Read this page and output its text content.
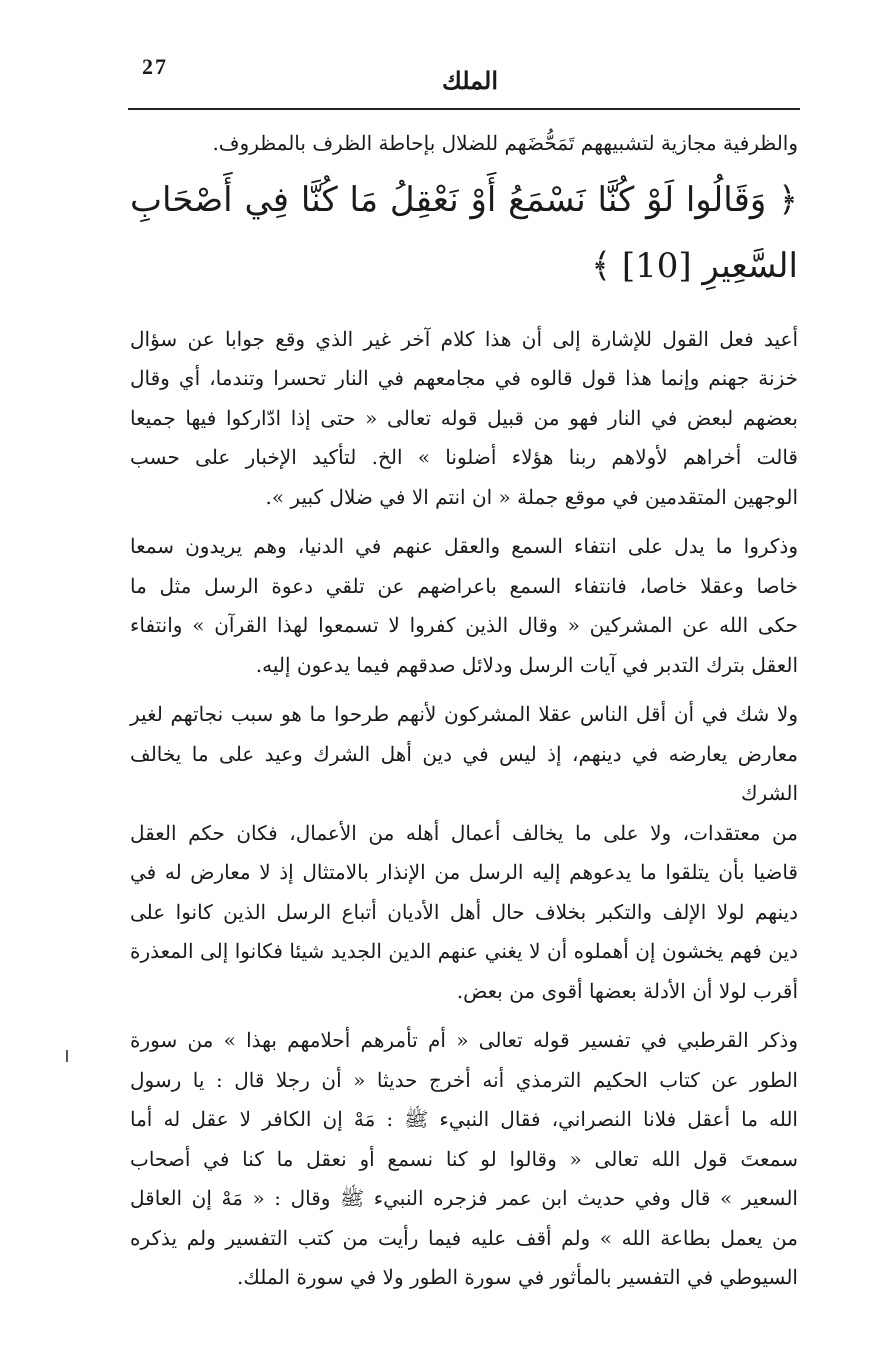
27	الملك
والظرفية مجازية لتشبيههم تَمَحُّضَهم للضلال بإحاطة الظرف بالمظروف.
﴿ وَقَالُوا لَوْ كُنَّا نَسْمَعُ أَوْ نَعْقِلُ مَا كُنَّا فِي أَصْحَابِ
السَّعِيرِ [10] ﴾
أعيد فعل القول للإشارة إلى أن هذا كلام آخر غير الذي وقع جوابا عن سؤال
خزنة جهنم وإنما هذا قول قالوه في مجامعهم في النار تحسرا وتندما، أي وقال
بعضهم لبعض في النار فهو من قبيل قوله تعالى « حتى إذا ادّاركوا فيها جميعا
قالت أخراهم لأولاهم ربنا هؤلاء أضلونا » الخ. لتأكيد الإخبار على حسب
الوجهين المتقدمين في موقع جملة « ان انتم الا في ضلال كبير ».
وذكروا ما يدل على انتفاء السمع والعقل عنهم في الدنيا، وهم يريدون سمعا
خاصا وعقلا خاصا، فانتفاء السمع باعراضهم عن تلقي دعوة الرسل مثل ما
حكى الله عن المشركين « وقال الذين كفروا لا تسمعوا لهذا القرآن » وانتفاء
العقل بترك التدبر في آيات الرسل ودلائل صدقهم فيما يدعون إليه.
ولا شك في أن أقل الناس عقلا المشركون لأنهم طرحوا ما هو سبب نجاتهم لغير
معارض يعارضه في دينهم، إذ ليس في دين أهل الشرك وعيد على ما يخالف الشرك
من معتقدات، ولا على ما يخالف أعمال أهله من الأعمال، فكان حكم العقل
قاضيا بأن يتلقوا ما يدعوهم إليه الرسل من الإنذار بالامتثال إذ لا معارض له في
دينهم لولا الإلف والتكبر بخلاف حال أهل الأديان أتباع الرسل الذين كانوا على
دين فهم يخشون إن أهملوه أن لا يغني عنهم الدين الجديد شيئا فكانوا إلى المعذرة
أقرب لولا أن الأدلة بعضها أقوى من بعض.
وذكر القرطبي في تفسير قوله تعالى « أم تأمرهم أحلامهم بهذا » من سورة
الطور عن كتاب الحكيم الترمذي أنه أخرج حديثا « أن رجلا قال : يا رسول
الله ما أعقل فلانا النصراني، فقال النبيء ﷺ : مَهْ إن الكافر لا عقل له أما
سمعتَ قول الله تعالى « وقالوا لو كنا نسمع أو نعقل ما كنا في أصحاب
السعير » قال وفي حديث ابن عمر فزجره النبيء ﷺ وقال : « مَهْ إن العاقل
من يعمل بطاعة الله » ولم أقف عليه فيما رأيت من كتب التفسير ولم يذكره
السيوطي في التفسير بالمأثور في سورة الطور ولا في سورة الملك.
